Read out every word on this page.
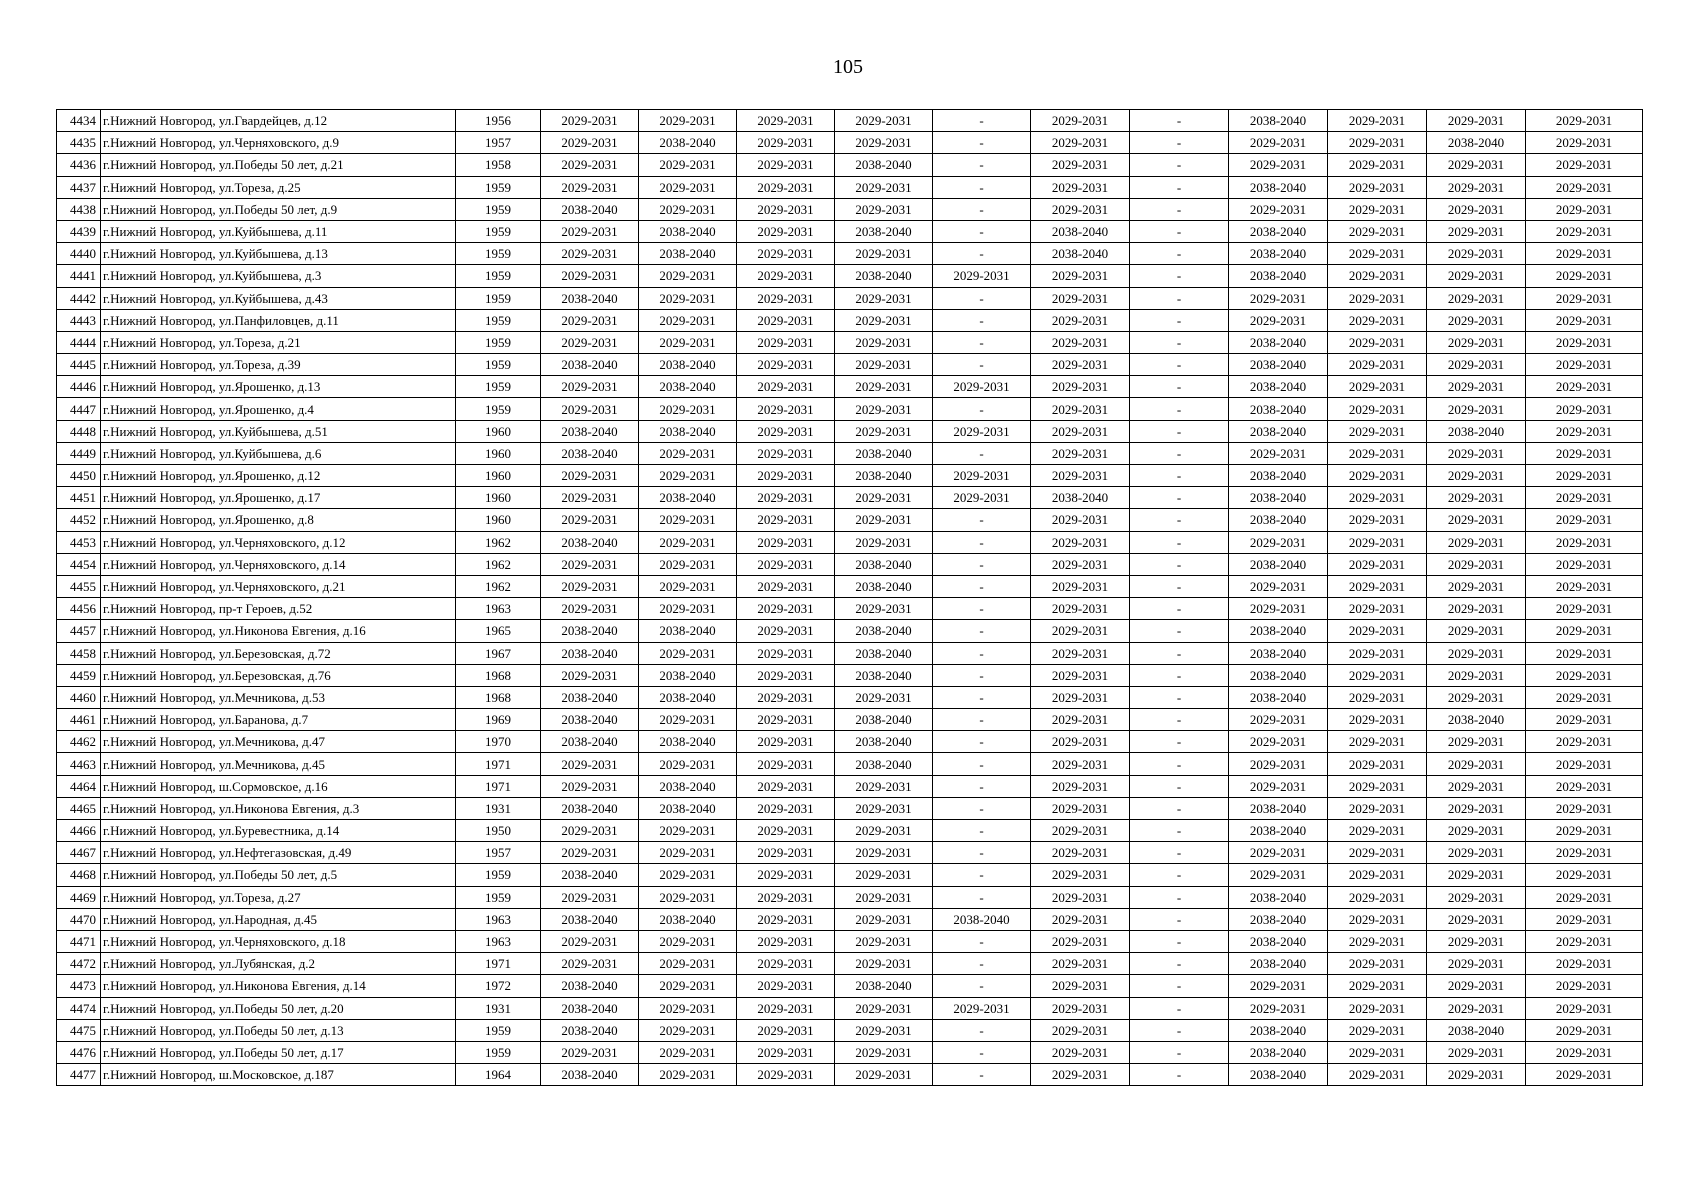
105
4434	г.Нижний Новгород, ул.Гвардейцев, д.12	1956	2029-2031	2029-2031	2029-2031	2029-2031	-	2029-2031	-	2038-2040	2029-2031	2029-2031	2029-2031
4435	г.Нижний Новгород, ул.Черняховского, д.9	1957	2029-2031	2038-2040	2029-2031	2029-2031	-	2029-2031	-	2029-2031	2029-2031	2038-2040	2029-2031
4436	г.Нижний Новгород, ул.Победы 50 лет, д.21	1958	2029-2031	2029-2031	2029-2031	2038-2040	-	2029-2031	-	2029-2031	2029-2031	2029-2031	2029-2031
4437	г.Нижний Новгород, ул.Тореза, д.25	1959	2029-2031	2029-2031	2029-2031	2029-2031	-	2029-2031	-	2038-2040	2029-2031	2029-2031	2029-2031
4438	г.Нижний Новгород, ул.Победы 50 лет, д.9	1959	2038-2040	2029-2031	2029-2031	2029-2031	-	2029-2031	-	2029-2031	2029-2031	2029-2031	2029-2031
4439	г.Нижний Новгород, ул.Куйбышева, д.11	1959	2029-2031	2038-2040	2029-2031	2038-2040	-	2038-2040	-	2038-2040	2029-2031	2029-2031	2029-2031
4440	г.Нижний Новгород, ул.Куйбышева, д.13	1959	2029-2031	2038-2040	2029-2031	2029-2031	-	2038-2040	-	2038-2040	2029-2031	2029-2031	2029-2031
4441	г.Нижний Новгород, ул.Куйбышева, д.3	1959	2029-2031	2029-2031	2029-2031	2038-2040	2029-2031	2029-2031	-	2038-2040	2029-2031	2029-2031	2029-2031
4442	г.Нижний Новгород, ул.Куйбышева, д.43	1959	2038-2040	2029-2031	2029-2031	2029-2031	-	2029-2031	-	2029-2031	2029-2031	2029-2031	2029-2031
4443	г.Нижний Новгород, ул.Панфиловцев, д.11	1959	2029-2031	2029-2031	2029-2031	2029-2031	-	2029-2031	-	2029-2031	2029-2031	2029-2031	2029-2031
4444	г.Нижний Новгород, ул.Тореза, д.21	1959	2029-2031	2029-2031	2029-2031	2029-2031	-	2029-2031	-	2038-2040	2029-2031	2029-2031	2029-2031
4445	г.Нижний Новгород, ул.Тореза, д.39	1959	2038-2040	2038-2040	2029-2031	2029-2031	-	2029-2031	-	2038-2040	2029-2031	2029-2031	2029-2031
4446	г.Нижний Новгород, ул.Ярошенко, д.13	1959	2029-2031	2038-2040	2029-2031	2029-2031	2029-2031	2029-2031	-	2038-2040	2029-2031	2029-2031	2029-2031
4447	г.Нижний Новгород, ул.Ярошенко, д.4	1959	2029-2031	2029-2031	2029-2031	2029-2031	-	2029-2031	-	2038-2040	2029-2031	2029-2031	2029-2031
4448	г.Нижний Новгород, ул.Куйбышева, д.51	1960	2038-2040	2038-2040	2029-2031	2029-2031	2029-2031	2029-2031	-	2038-2040	2029-2031	2038-2040	2029-2031
4449	г.Нижний Новгород, ул.Куйбышева, д.6	1960	2038-2040	2029-2031	2029-2031	2038-2040	-	2029-2031	-	2029-2031	2029-2031	2029-2031	2029-2031
4450	г.Нижний Новгород, ул.Ярошенко, д.12	1960	2029-2031	2029-2031	2029-2031	2038-2040	2029-2031	2029-2031	-	2038-2040	2029-2031	2029-2031	2029-2031
4451	г.Нижний Новгород, ул.Ярошенко, д.17	1960	2029-2031	2038-2040	2029-2031	2029-2031	2029-2031	2038-2040	-	2038-2040	2029-2031	2029-2031	2029-2031
4452	г.Нижний Новгород, ул.Ярошенко, д.8	1960	2029-2031	2029-2031	2029-2031	2029-2031	-	2029-2031	-	2038-2040	2029-2031	2029-2031	2029-2031
4453	г.Нижний Новгород, ул.Черняховского, д.12	1962	2038-2040	2029-2031	2029-2031	2029-2031	-	2029-2031	-	2029-2031	2029-2031	2029-2031	2029-2031
4454	г.Нижний Новгород, ул.Черняховского, д.14	1962	2029-2031	2029-2031	2029-2031	2038-2040	-	2029-2031	-	2038-2040	2029-2031	2029-2031	2029-2031
4455	г.Нижний Новгород, ул.Черняховского, д.21	1962	2029-2031	2029-2031	2029-2031	2038-2040	-	2029-2031	-	2029-2031	2029-2031	2029-2031	2029-2031
4456	г.Нижний Новгород, пр-т Героев, д.52	1963	2029-2031	2029-2031	2029-2031	2029-2031	-	2029-2031	-	2029-2031	2029-2031	2029-2031	2029-2031
4457	г.Нижний Новгород, ул.Никонова Евгения, д.16	1965	2038-2040	2038-2040	2029-2031	2038-2040	-	2029-2031	-	2038-2040	2029-2031	2029-2031	2029-2031
4458	г.Нижний Новгород, ул.Березовская, д.72	1967	2038-2040	2029-2031	2029-2031	2038-2040	-	2029-2031	-	2038-2040	2029-2031	2029-2031	2029-2031
4459	г.Нижний Новгород, ул.Березовская, д.76	1968	2029-2031	2038-2040	2029-2031	2038-2040	-	2029-2031	-	2038-2040	2029-2031	2029-2031	2029-2031
4460	г.Нижний Новгород, ул.Мечникова, д.53	1968	2038-2040	2038-2040	2029-2031	2029-2031	-	2029-2031	-	2038-2040	2029-2031	2029-2031	2029-2031
4461	г.Нижний Новгород, ул.Баранова, д.7	1969	2038-2040	2029-2031	2029-2031	2038-2040	-	2029-2031	-	2029-2031	2029-2031	2038-2040	2029-2031
4462	г.Нижний Новгород, ул.Мечникова, д.47	1970	2038-2040	2038-2040	2029-2031	2038-2040	-	2029-2031	-	2029-2031	2029-2031	2029-2031	2029-2031
4463	г.Нижний Новгород, ул.Мечникова, д.45	1971	2029-2031	2029-2031	2029-2031	2038-2040	-	2029-2031	-	2029-2031	2029-2031	2029-2031	2029-2031
4464	г.Нижний Новгород, ш.Сормовское, д.16	1971	2029-2031	2038-2040	2029-2031	2029-2031	-	2029-2031	-	2029-2031	2029-2031	2029-2031	2029-2031
4465	г.Нижний Новгород, ул.Никонова Евгения, д.3	1931	2038-2040	2038-2040	2029-2031	2029-2031	-	2029-2031	-	2038-2040	2029-2031	2029-2031	2029-2031
4466	г.Нижний Новгород, ул.Буревестника, д.14	1950	2029-2031	2029-2031	2029-2031	2029-2031	-	2029-2031	-	2038-2040	2029-2031	2029-2031	2029-2031
4467	г.Нижний Новгород, ул.Нефтегазовская, д.49	1957	2029-2031	2029-2031	2029-2031	2029-2031	-	2029-2031	-	2029-2031	2029-2031	2029-2031	2029-2031
4468	г.Нижний Новгород, ул.Победы 50 лет, д.5	1959	2038-2040	2029-2031	2029-2031	2029-2031	-	2029-2031	-	2029-2031	2029-2031	2029-2031	2029-2031
4469	г.Нижний Новгород, ул.Тореза, д.27	1959	2029-2031	2029-2031	2029-2031	2029-2031	-	2029-2031	-	2038-2040	2029-2031	2029-2031	2029-2031
4470	г.Нижний Новгород, ул.Народная, д.45	1963	2038-2040	2038-2040	2029-2031	2029-2031	2038-2040	2029-2031	-	2038-2040	2029-2031	2029-2031	2029-2031
4471	г.Нижний Новгород, ул.Черняховского, д.18	1963	2029-2031	2029-2031	2029-2031	2029-2031	-	2029-2031	-	2038-2040	2029-2031	2029-2031	2029-2031
4472	г.Нижний Новгород, ул.Лубянская, д.2	1971	2029-2031	2029-2031	2029-2031	2029-2031	-	2029-2031	-	2038-2040	2029-2031	2029-2031	2029-2031
4473	г.Нижний Новгород, ул.Никонова Евгения, д.14	1972	2038-2040	2029-2031	2029-2031	2038-2040	-	2029-2031	-	2029-2031	2029-2031	2029-2031	2029-2031
4474	г.Нижний Новгород, ул.Победы 50 лет, д.20	1931	2038-2040	2029-2031	2029-2031	2029-2031	2029-2031	2029-2031	-	2029-2031	2029-2031	2029-2031	2029-2031
4475	г.Нижний Новгород, ул.Победы 50 лет, д.13	1959	2038-2040	2029-2031	2029-2031	2029-2031	-	2029-2031	-	2038-2040	2029-2031	2038-2040	2029-2031
4476	г.Нижний Новгород, ул.Победы 50 лет, д.17	1959	2029-2031	2029-2031	2029-2031	2029-2031	-	2029-2031	-	2038-2040	2029-2031	2029-2031	2029-2031
4477	г.Нижний Новгород, ш.Московское, д.187	1964	2038-2040	2029-2031	2029-2031	2029-2031	-	2029-2031	-	2038-2040	2029-2031	2029-2031	2029-2031
